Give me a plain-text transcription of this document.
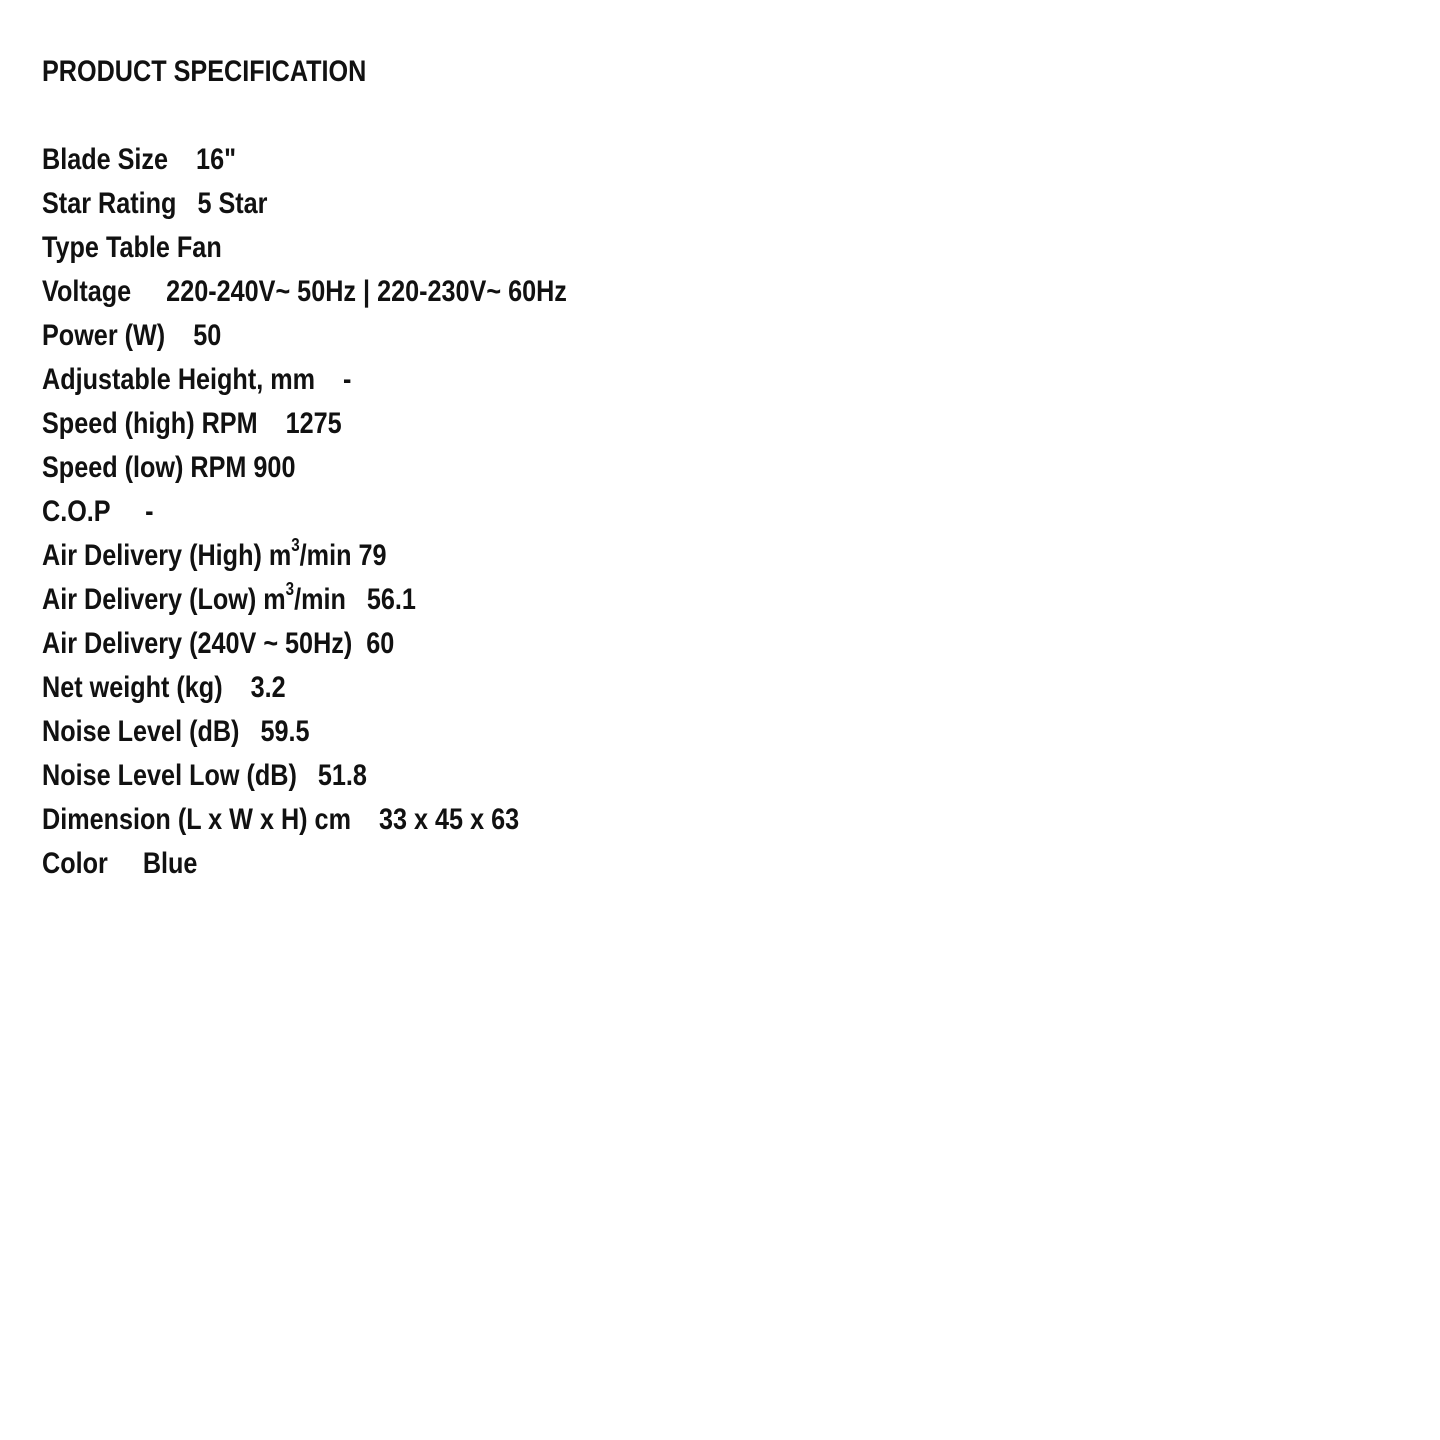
PRODUCT SPECIFICATION
Blade Size 16"
Star Rating 5 Star
Type Table Fan
Voltage 220-240V~ 50Hz | 220-230V~ 60Hz
Power (W) 50
Adjustable Height, mm -
Speed (high) RPM 1275
Speed (low) RPM 900
C.O.P -
Air Delivery (High) $m^3/\min$ 79
Air Delivery (Low) $m^3/\min$ 56.1
Air Delivery (240V ~ 50Hz) 60
Net weight (kg) 3.2
Noise Level (dB) 59.5
Noise Level Low (dB) 51.8
Dimension (L x W x H) cm 33 x 45 x 63
Color Blue
